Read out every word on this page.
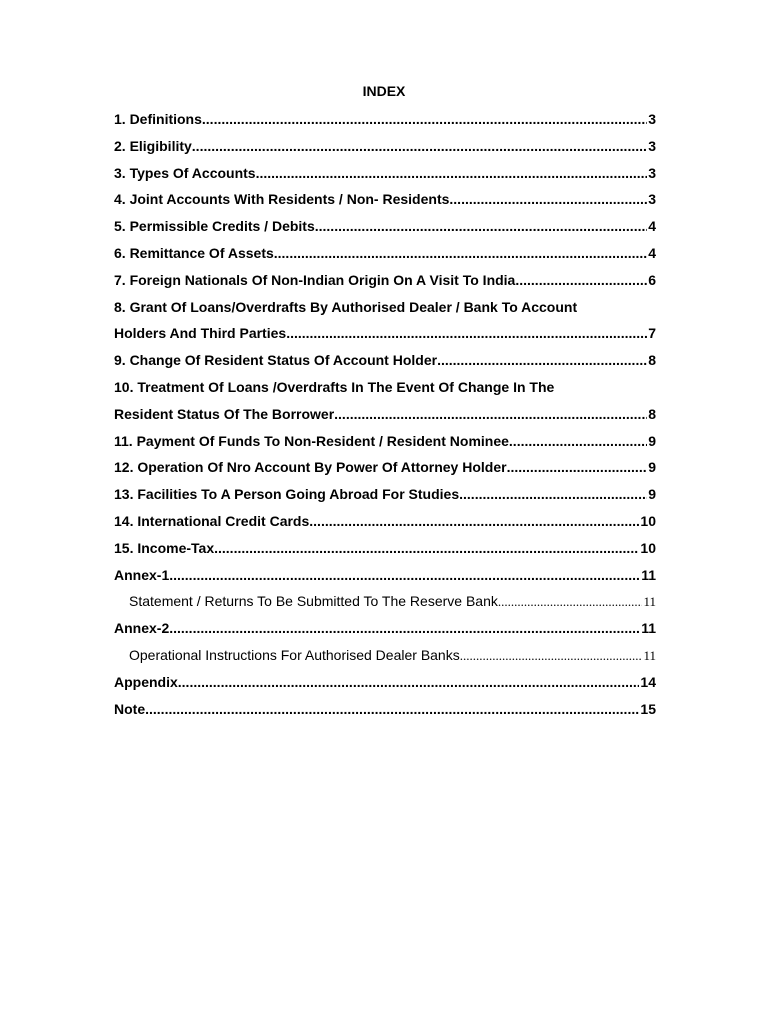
INDEX
1. Definitions .....	3
2. Eligibility .....	3
3. Types Of Accounts .....	3
4. Joint Accounts With Residents / Non- Residents .....	3
5. Permissible Credits / Debits .....	4
6. Remittance Of Assets .....	4
7. Foreign Nationals Of Non-Indian Origin On A Visit To India .....	6
8. Grant Of Loans/Overdrafts By Authorised Dealer / Bank To Account
Holders And Third Parties .....	7
9. Change Of Resident Status Of Account Holder .....	8
10. Treatment Of Loans /Overdrafts In The Event Of Change In The
Resident Status Of The Borrower .....	8
11. Payment Of Funds To Non-Resident / Resident Nominee .....	9
12. Operation Of Nro Account By Power Of Attorney Holder .....	9
13. Facilities To A Person Going Abroad For Studies .....	9
14. International Credit Cards .....	10
15. Income-Tax .....	10
Annex-1 .....	11
Statement / Returns To Be Submitted To The Reserve Bank .....	11
Annex-2 .....	11
Operational Instructions For Authorised Dealer Banks .....	11
Appendix .....	14
Note .....	15
